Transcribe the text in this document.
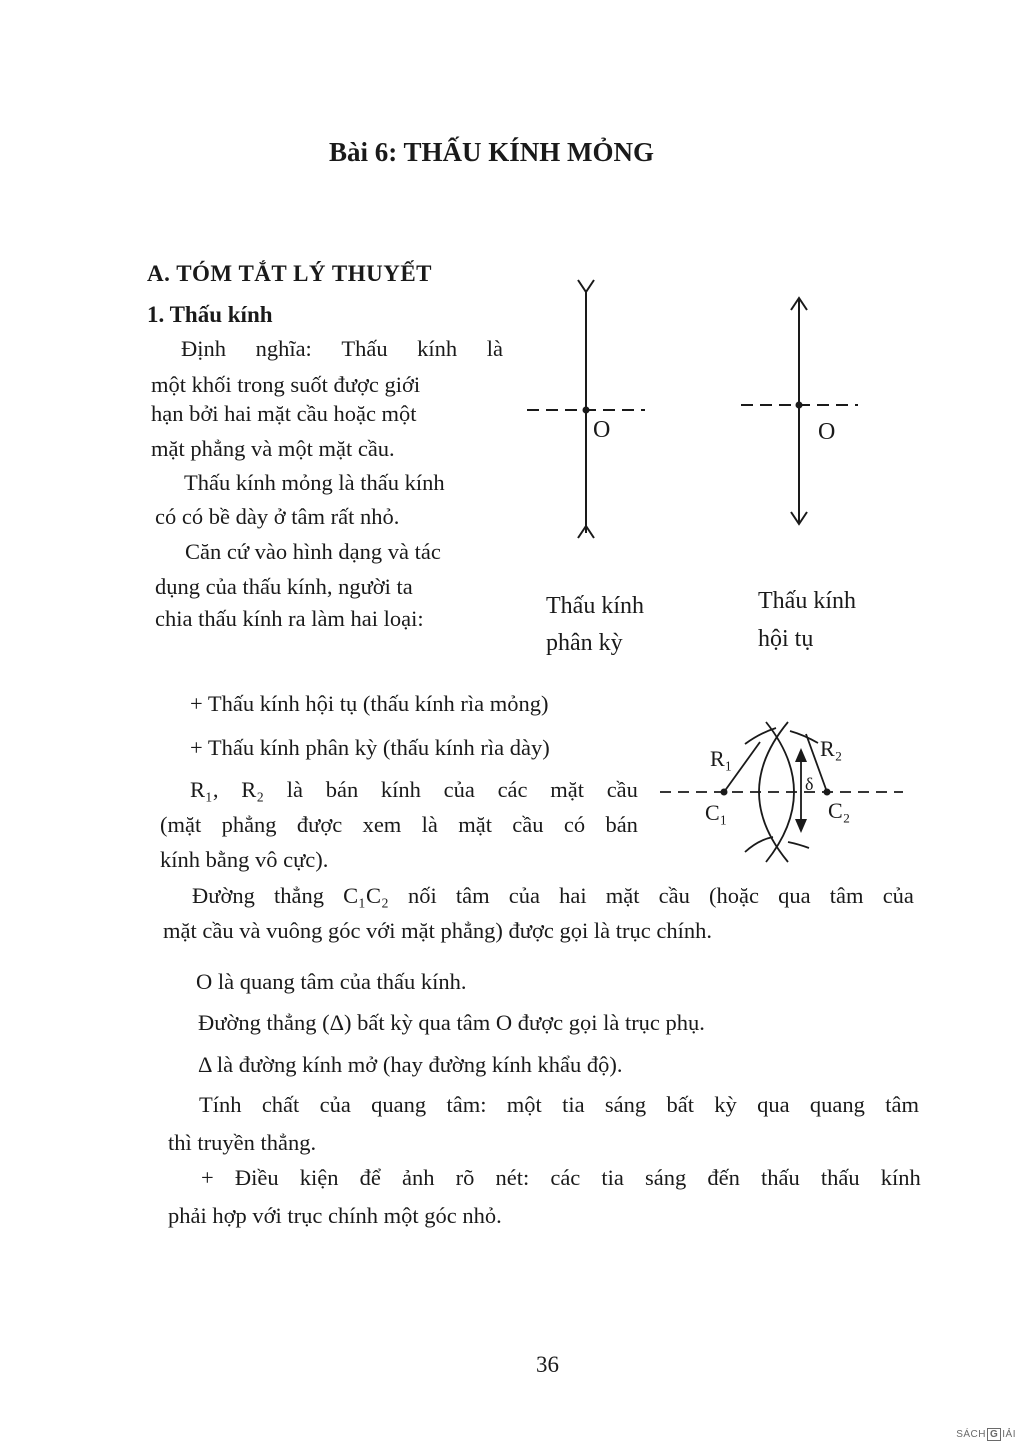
Bài 6: THẤU KÍNH MỎNG
A. TÓM TẮT LÝ THUYẾT
1. Thấu kính
Định nghĩa: Thấu kính là
một khối trong suốt được giới
hạn bởi hai mặt cầu hoặc một
mặt phẳng và một mặt cầu.
Thấu kính mỏng là thấu kính
có có bề dày ở tâm rất nhỏ.
Căn cứ vào hình dạng và tác
dụng của thấu kính, người ta
chia thấu kính ra làm hai loại:
O	O
Thấu kính
phân kỳ
Thấu kính
hội tụ
+ Thấu kính hội tụ (thấu kính rìa mỏng)
+ Thấu kính phân kỳ (thấu kính rìa dày)
R₁, R₂ là bán kính của các mặt cầu
(mặt phẳng được xem là mặt cầu có bán
kính bằng vô cực).
R₁	R₂
C₁	C₂
δ
Đường thẳng C₁C₂ nối tâm của hai mặt cầu (hoặc qua tâm của
mặt cầu và vuông góc với mặt phẳng) được gọi là trục chính.
O là quang tâm của thấu kính.
Đường thẳng (Δ) bất kỳ qua tâm O được gọi là trục phụ.
Δ là đường kính mở (hay đường kính khẩu độ).
Tính chất của quang tâm: một tia sáng bất kỳ qua quang tâm
thì truyền thẳng.
+ Điều kiện để ảnh rõ nét: các tia sáng đến thấu thấu kính
phải hợp với trục chính một góc nhỏ.
36
SÁCH G IẢI
